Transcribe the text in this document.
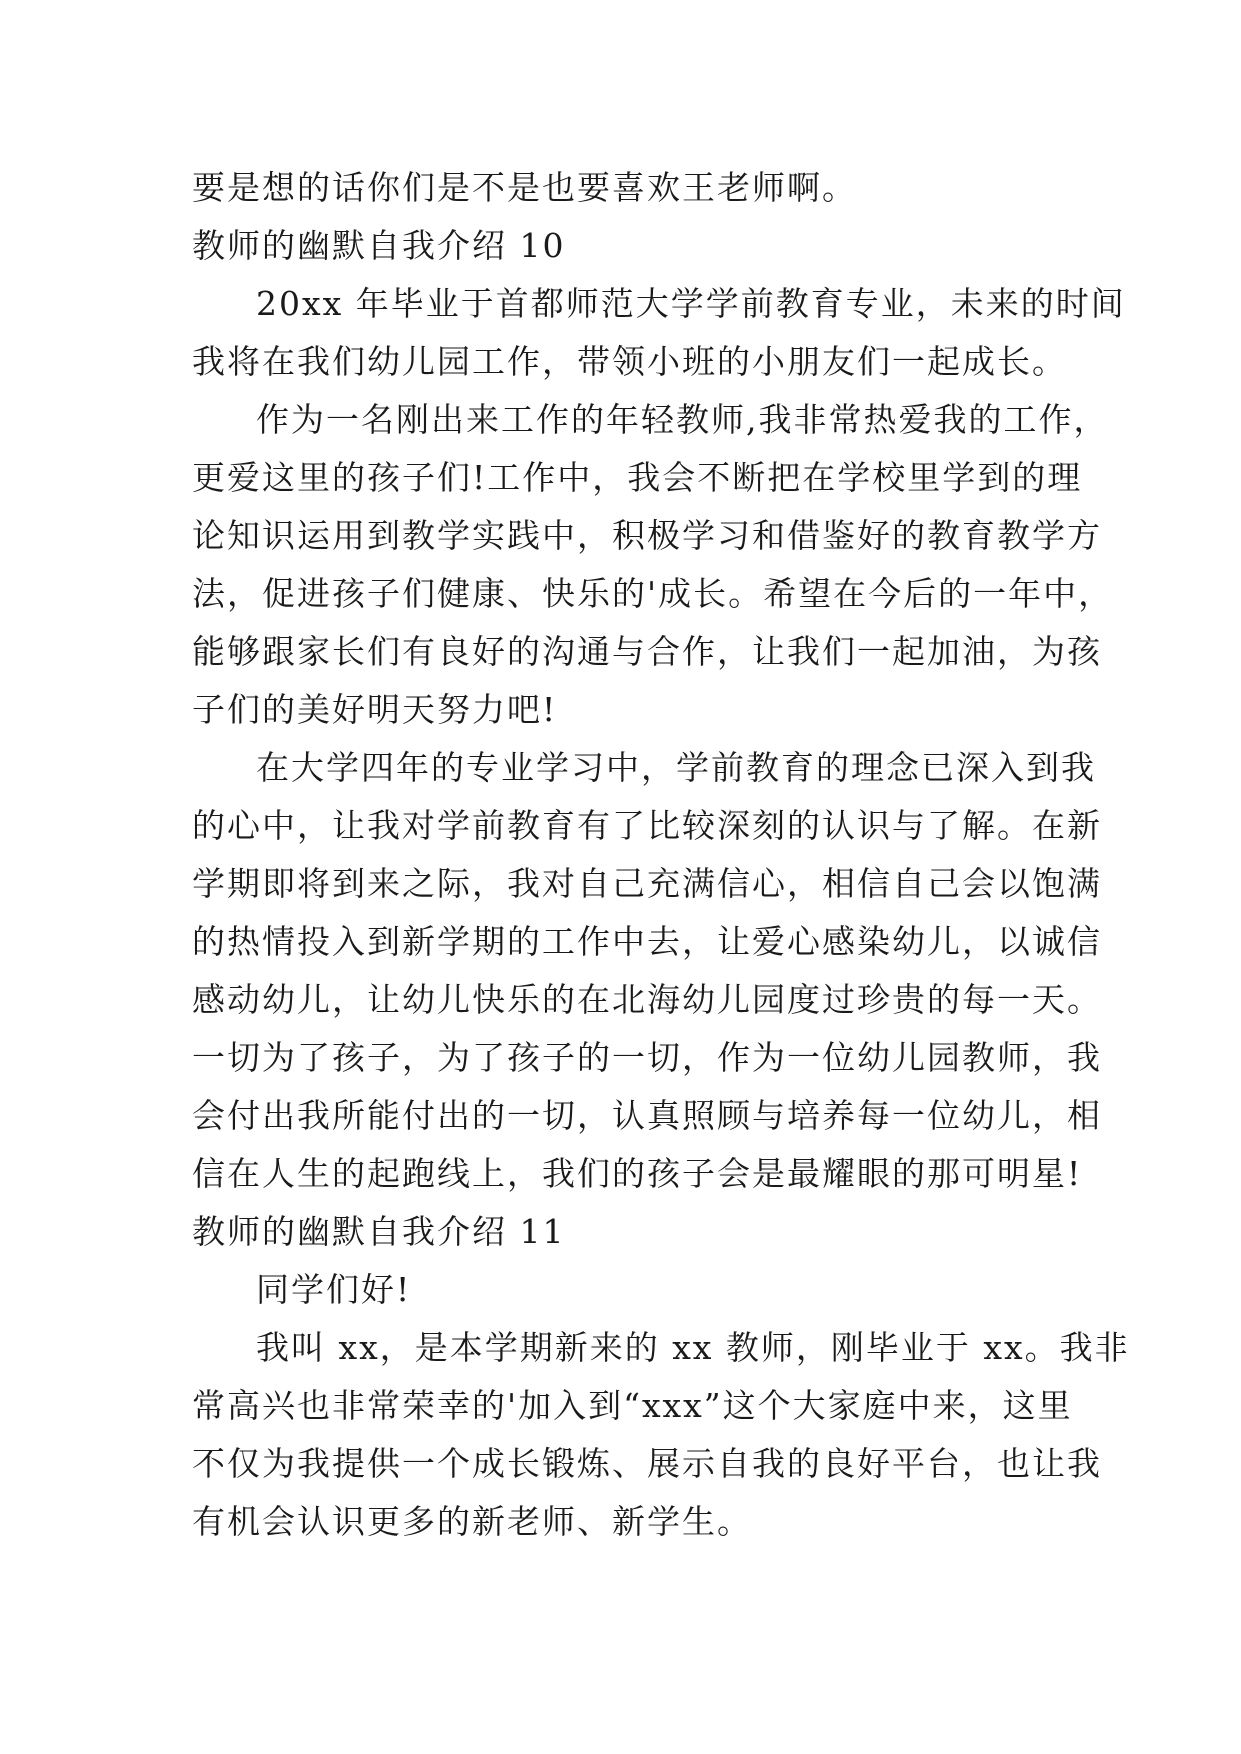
要是想的话你们是不是也要喜欢王老师啊。
教师的幽默自我介绍 10
20xx 年毕业于首都师范大学学前教育专业，未来的时间
我将在我们幼儿园工作，带领小班的小朋友们一起成长。
作为一名刚出来工作的年轻教师,我非常热爱我的工作，
更爱这里的孩子们!工作中，我会不断把在学校里学到的理
论知识运用到教学实践中，积极学习和借鉴好的教育教学方
法，促进孩子们健康、快乐的'成长。希望在今后的一年中，
能够跟家长们有良好的沟通与合作，让我们一起加油，为孩
子们的美好明天努力吧!
在大学四年的专业学习中，学前教育的理念已深入到我
的心中，让我对学前教育有了比较深刻的认识与了解。在新
学期即将到来之际，我对自己充满信心，相信自己会以饱满
的热情投入到新学期的工作中去，让爱心感染幼儿，以诚信
感动幼儿，让幼儿快乐的在北海幼儿园度过珍贵的每一天。
一切为了孩子，为了孩子的一切，作为一位幼儿园教师，我
会付出我所能付出的一切，认真照顾与培养每一位幼儿，相
信在人生的起跑线上，我们的孩子会是最耀眼的那可明星!
教师的幽默自我介绍 11
同学们好!
我叫 xx，是本学期新来的 xx 教师，刚毕业于 xx。我非
常高兴也非常荣幸的'加入到“xxx”这个大家庭中来，这里
不仅为我提供一个成长锻炼、展示自我的良好平台，也让我
有机会认识更多的新老师、新学生。
